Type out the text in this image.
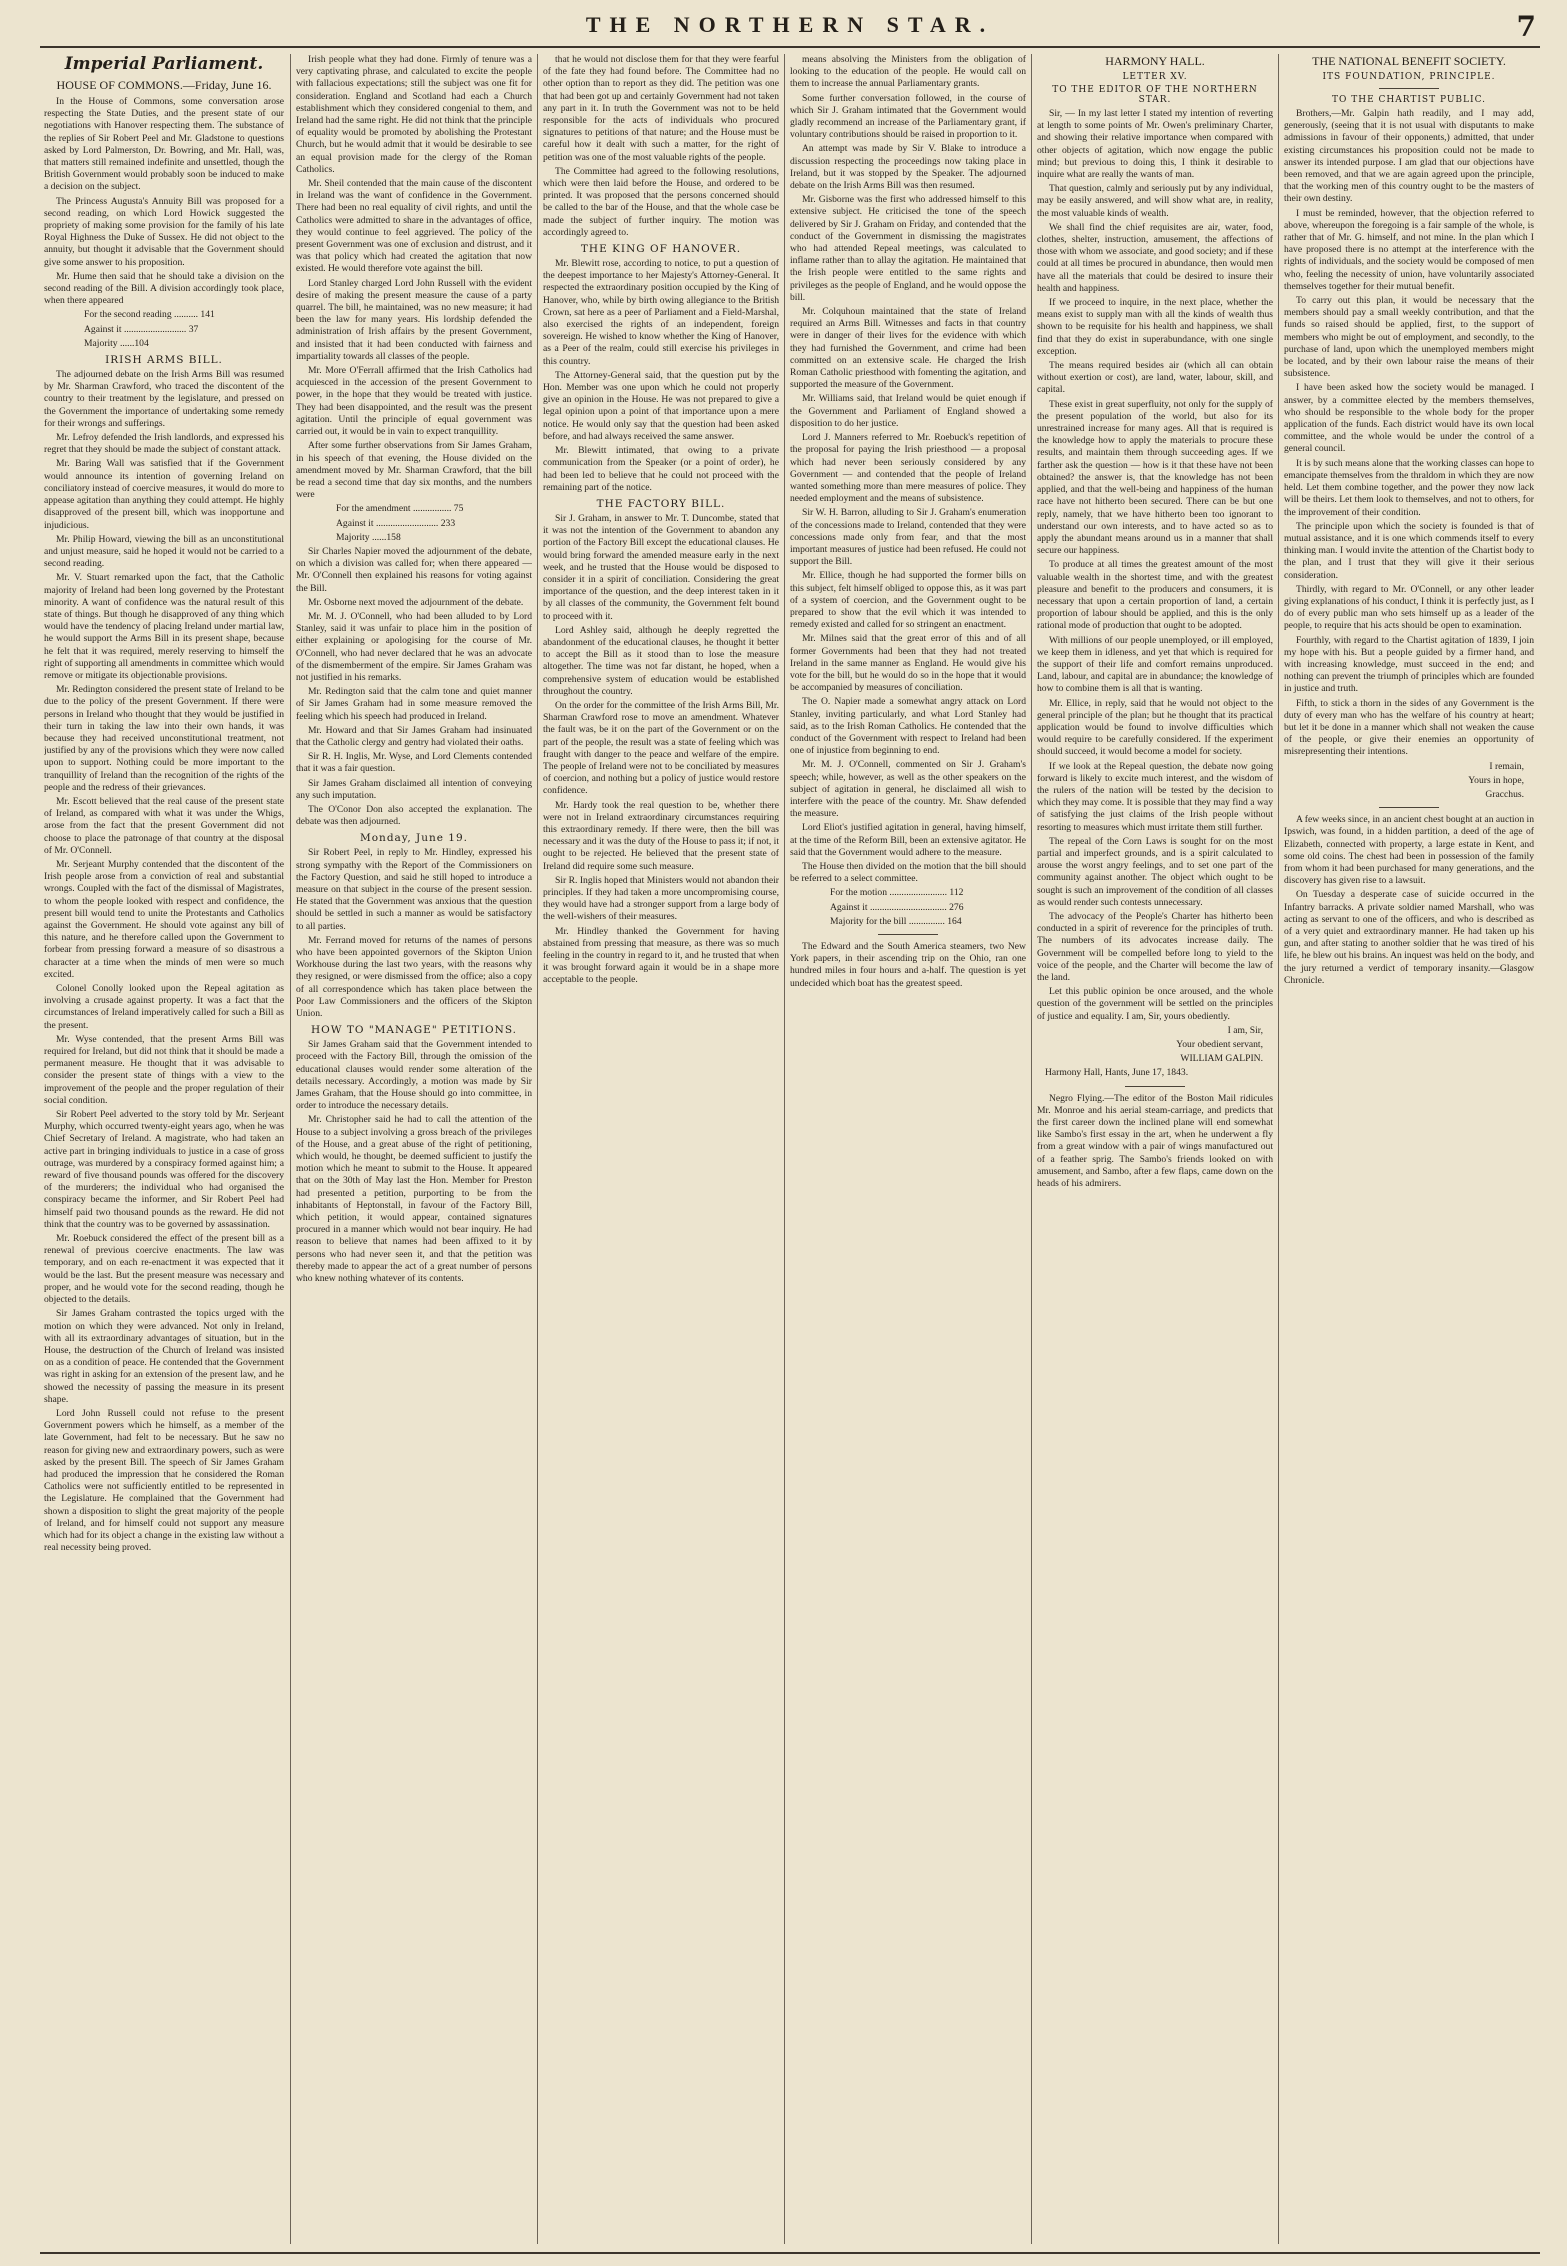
THE NORTHERN STAR.	7
Imperial Parliament.
HOUSE OF COMMONS.—Friday, June 16.

In the House of Commons, some conversation arose respecting the State Duties, and the present state of our negotiations with Hanover respecting them. The substance of the replies of Sir Robert Peel and Mr. Gladstone to questions asked by Lord Palmerston, Dr. Bowring, and Mr. Hall, was, that matters still remained indefinite and unsettled, though the British Government would probably soon be induced to make a decision on the subject.

The Princess Augusta's Annuity Bill was proposed for a second reading, on which Lord Howick suggested the propriety of making some provision for the family of his late Royal Highness the Duke of Sussex. He did not object to the annuity, but thought it advisable that the Government should give some answer to his proposition.

Mr. Hume then said that he should take a division on the second reading of the Bill. A division accordingly took place, when there appeared

For the second reading .......... 141
Against it .......................... 37
Majority ......104
IRISH ARMS BILL.

The adjourned debate on the Irish Arms Bill was resumed by Mr. Sharman Crawford, who traced the discontent of the country to their treatment by the legislature, and pressed on the Government the importance of undertaking some remedy for their wrongs and sufferings.

Mr. Lefroy defended the Irish landlords, and expressed his regret that they should be made the subject of constant attack.

Mr. Baring Wall was satisfied that if the Government would announce its intention of governing Ireland on conciliatory instead of coercive measures, it would do more to appease agitation than anything they could attempt. He highly disapproved of the present bill, which was inopportune and injudicious.

Mr. Philip Howard, viewing the bill as an unconstitutional and unjust measure, said he hoped it would not be carried to a second reading.

Mr. V. Stuart remarked upon the fact, that the Catholic majority of Ireland had been long governed by the Protestant minority. A want of confidence was the natural result of this state of things. But though he disapproved of any thing which would have the tendency of placing Ireland under martial law, he would support the Arms Bill in its present shape, because he felt that it was required, merely reserving to himself the right of supporting all amendments in committee which would remove or mitigate its objectionable provisions.

Mr. Redington considered the present state of Ireland to be due to the policy of the present Government. If there were persons in Ireland who thought that they would be justified in their turn in taking the law into their own hands, it was because they had received unconstitutional treatment, not justified by any of the provisions which they were now called upon to support. Nothing could be more important to the tranquillity of Ireland than the recognition of the rights of the people and the redress of their grievances.

Mr. Escott believed that the real cause of the present state of Ireland, as compared with what it was under the Whigs, arose from the fact that the present Government did not choose to place the patronage of that country at the disposal of Mr. O'Connell.

Mr. Serjeant Murphy contended that the discontent of the Irish people arose from a conviction of real and substantial wrongs. Coupled with the fact of the dismissal of Magistrates, to whom the people looked with respect and confidence, the present bill would tend to unite the Protestants and Catholics against the Government. He should vote against any bill of this nature, and he therefore called upon the Government to forbear from pressing forward a measure of so disastrous a character at a time when the minds of men were so much excited.

Colonel Conolly looked upon the Repeal agitation as involving a crusade against property. It was a fact that the circumstances of Ireland imperatively called for such a Bill as the present.

Mr. Wyse contended, that the present Arms Bill was required for Ireland, but did not think that it should be made a permanent measure. He thought that it was advisable to consider the present state of things with a view to the improvement of the people and the proper regulation of their social condition.

Sir Robert Peel adverted to the story told by Mr. Serjeant Murphy, which occurred twenty-eight years ago, when he was Chief Secretary of Ireland. A magistrate, who had taken an active part in bringing individuals to justice in a case of gross outrage, was murdered by a conspiracy formed against him; a reward of five thousand pounds was offered for the discovery of the murderers; the individual who had organised the conspiracy became the informer, and Sir Robert Peel had himself paid two thousand pounds as the reward. He did not think that the country was to be governed by assassination.

Mr. Roebuck considered the effect of the present bill as a renewal of previous coercive enactments. The law was temporary, and on each re-enactment it was expected that it would be the last. But the present measure was necessary and proper, and he would vote for the second reading, though he objected to the details.

Sir James Graham contrasted the topics urged with the motion on which they were advanced. Not only in Ireland, with all its extraordinary advantages of situation, but in the House, the destruction of the Church of Ireland was insisted on as a condition of peace. He contended that the Government was right in asking for an extension of the present law, and he showed the necessity of passing the measure in its present shape.

Lord John Russell could not refuse to the present Government powers which he himself, as a member of the late Government, had felt to be necessary. But he saw no reason for giving new and extraordinary powers, such as were asked by the present Bill. The speech of Sir James Graham had produced the impression that he considered the Roman Catholics were not sufficiently entitled to be represented in the Legislature. He complained that the Government had shown a disposition to slight the great majority of the people of Ireland, and for himself could not support any measure which had for its object a change in the existing law without a real necessity being proved.

Irish people what they had done. Firmly of tenure was a very captivating phrase, and calculated to excite the people with fallacious expectations; still the subject was one fit for consideration. England and Scotland had each a Church establishment which they considered congenial to them, and Ireland had the same right. He did not think that the principle of equality would be promoted by abolishing the Protestant Church, but he would admit that it would be desirable to see an equal provision made for the clergy of the Roman Catholics.

Mr. Sheil contended that the main cause of the discontent in Ireland was the want of confidence in the Government. There had been no real equality of civil rights, and until the Catholics were admitted to share in the advantages of office, they would continue to feel aggrieved. The policy of the present Government was one of exclusion and distrust, and it was that policy which had created the agitation that now existed. He would therefore vote against the bill.

Lord Stanley charged Lord John Russell with the evident desire of making the present measure the cause of a party quarrel. The bill, he maintained, was no new measure; it had been the law for many years. His lordship defended the administration of Irish affairs by the present Government, and insisted that it had been conducted with fairness and impartiality towards all classes of the people.

Mr. More O'Ferrall affirmed that the Irish Catholics had acquiesced in the accession of the present Government to power, in the hope that they would be treated with justice. They had been disappointed, and the result was the present agitation. Until the principle of equal government was carried out, it would be in vain to expect tranquillity.

After some further observations from Sir James Graham, in his speech of that evening, the House divided on the amendment moved by Mr. Sharman Crawford, that the bill be read a second time that day six months, and the numbers were

For the amendment ................ 75
Against it .......................... 233
Majority ......158

Sir Charles Napier moved the adjournment of the debate, on which a division was called for; when there appeared — Mr. O'Connell then explained his reasons for voting against the Bill.

Mr. Osborne next moved the adjournment of the debate.

Mr. M. J. O'Connell, who had been alluded to by Lord Stanley, said it was unfair to place him in the position of either explaining or apologising for the course of Mr. O'Connell, who had never declared that he was an advocate of the dismemberment of the empire. Sir James Graham was not justified in his remarks.

Mr. Redington said that the calm tone and quiet manner of Sir James Graham had in some measure removed the feeling which his speech had produced in Ireland.

Mr. Howard and that Sir James Graham had insinuated that the Catholic clergy and gentry had violated their oaths.

Sir R. H. Inglis, Mr. Wyse, and Lord Clements contended that it was a fair question.

Sir James Graham disclaimed all intention of conveying any such imputation.

The O'Conor Don also accepted the explanation. The debate was then adjourned.

Monday, June 19.

Sir Robert Peel, in reply to Mr. Hindley, expressed his strong sympathy with the Report of the Commissioners on the Factory Question, and said he still hoped to introduce a measure on that subject in the course of the present session. He stated that the Government was anxious that the question should be settled in such a manner as would be satisfactory to all parties.

Mr. Ferrand moved for returns of the names of persons who have been appointed governors of the Skipton Union Workhouse during the last two years, with the reasons why they resigned, or were dismissed from the office; also a copy of all correspondence which has taken place between the Poor Law Commissioners and the officers of the Skipton Union.

HOW TO "MANAGE" PETITIONS.

Sir James Graham said that the Government intended to proceed with the Factory Bill, through the omission of the educational clauses would render some alteration of the details necessary. Accordingly, a motion was made by Sir James Graham, that the House should go into committee, in order to introduce the necessary details.

Mr. Christopher said he had to call the attention of the House to a subject involving a gross breach of the privileges of the House, and a great abuse of the right of petitioning, which would, he thought, be deemed sufficient to justify the motion which he meant to submit to the House. It appeared that on the 30th of May last the Hon. Member for Preston had presented a petition, purporting to be from the inhabitants of Heptonstall, in favour of the Factory Bill, which petition, it would appear, contained signatures procured in a manner which would not bear inquiry. He had reason to believe that names had been affixed to it by persons who had never seen it, and that the petition was thereby made to appear the act of a great number of persons who knew nothing whatever of its contents.

that he would not disclose them for that they were fearful of the fate they had found before. The Committee had no other option than to report as they did. The petition was one that had been got up and certainly Government had not taken any part in it. In truth the Government was not to be held responsible for the acts of individuals who procured signatures to petitions of that nature; and the House must be careful how it dealt with such a matter, for the right of petition was one of the most valuable rights of the people.

The Committee had agreed to the following resolutions, which were then laid before the House, and ordered to be printed. It was proposed that the persons concerned should be called to the bar of the House, and that the whole case be made the subject of further inquiry. The motion was accordingly agreed to.

THE KING OF HANOVER.

Mr. Blewitt rose, according to notice, to put a question of the deepest importance to her Majesty's Attorney-General. It respected the extraordinary position occupied by the King of Hanover, who, while by birth owing allegiance to the British Crown, sat here as a peer of Parliament and a Field-Marshal, also exercised the rights of an independent, foreign sovereign. He wished to know whether the King of Hanover, as a Peer of the realm, could still exercise his privileges in this country.

The Attorney-General said, that the question put by the Hon. Member was one upon which he could not properly give an opinion in the House. He was not prepared to give a legal opinion upon a point of that importance upon a mere notice. He would only say that the question had been asked before, and had always received the same answer.

Mr. Blewitt intimated, that owing to a private communication from the Speaker (or a point of order), he had been led to believe that he could not proceed with the remaining part of the notice.

THE FACTORY BILL.

Sir J. Graham, in answer to Mr. T. Duncombe, stated that it was not the intention of the Government to abandon any portion of the Factory Bill except the educational clauses. He would bring forward the amended measure early in the next week, and he trusted that the House would be disposed to consider it in a spirit of conciliation. Considering the great importance of the question, and the deep interest taken in it by all classes of the community, the Government felt bound to proceed with it.

Lord Ashley said, although he deeply regretted the abandonment of the educational clauses, he thought it better to accept the Bill as it stood than to lose the measure altogether. The time was not far distant, he hoped, when a comprehensive system of education would be established throughout the country.

On the order for the committee of the Irish Arms Bill, Mr. Sharman Crawford rose to move an amendment. Whatever the fault was, be it on the part of the Government or on the part of the people, the result was a state of feeling which was fraught with danger to the peace and welfare of the empire. The people of Ireland were not to be conciliated by measures of coercion, and nothing but a policy of justice would restore confidence.

Mr. Hardy took the real question to be, whether there were not in Ireland extraordinary circumstances requiring this extraordinary remedy. If there were, then the bill was necessary and it was the duty of the House to pass it; if not, it ought to be rejected. He believed that the present state of Ireland did require some such measure.

Sir R. Inglis hoped that Ministers would not abandon their principles. If they had taken a more uncompromising course, they would have had a stronger support from a large body of the well-wishers of their measures.

Mr. Hindley thanked the Government for having abstained from pressing that measure, as there was so much feeling in the country in regard to it, and he trusted that when it was brought forward again it would be in a shape more acceptable to the people.

means absolving the Ministers from the obligation of looking to the education of the people. He would call on them to increase the annual Parliamentary grants.

Some further conversation followed, in the course of which Sir J. Graham intimated that the Government would gladly recommend an increase of the Parliamentary grant, if voluntary contributions should be raised in proportion to it.

An attempt was made by Sir V. Blake to introduce a discussion respecting the proceedings now taking place in Ireland, but it was stopped by the Speaker. The adjourned debate on the Irish Arms Bill was then resumed.

Mr. Gisborne was the first who addressed himself to this extensive subject. He criticised the tone of the speech delivered by Sir J. Graham on Friday, and contended that the conduct of the Government in dismissing the magistrates who had attended Repeal meetings, was calculated to inflame rather than to allay the agitation. He maintained that the Irish people were entitled to the same rights and privileges as the people of England, and he would oppose the bill.

Mr. Colquhoun maintained that the state of Ireland required an Arms Bill. Witnesses and facts in that country were in danger of their lives for the evidence with which they had furnished the Government, and crime had been committed on an extensive scale. He charged the Irish Roman Catholic priesthood with fomenting the agitation, and supported the measure of the Government.

Mr. Williams said, that Ireland would be quiet enough if the Government and Parliament of England showed a disposition to do her justice.

Lord J. Manners referred to Mr. Roebuck's repetition of the proposal for paying the Irish priesthood — a proposal which had never been seriously considered by any Government — and contended that the people of Ireland wanted something more than mere measures of police. They needed employment and the means of subsistence.

Sir W. H. Barron, alluding to Sir J. Graham's enumeration of the concessions made to Ireland, contended that they were concessions made only from fear, and that the most important measures of justice had been refused. He could not support the Bill.

Mr. Ellice, though he had supported the former bills on this subject, felt himself obliged to oppose this, as it was part of a system of coercion, and the Government ought to be prepared to show that the evil which it was intended to remedy existed and called for so stringent an enactment.

Mr. Milnes said that the great error of this and of all former Governments had been that they had not treated Ireland in the same manner as England. He would give his vote for the bill, but he would do so in the hope that it would be accompanied by measures of conciliation.

The O. Napier made a somewhat angry attack on Lord Stanley, inviting particularly, and what Lord Stanley had said, as to the Irish Roman Catholics. He contended that the conduct of the Government with respect to Ireland had been one of injustice from beginning to end.

Mr. M. J. O'Connell, commented on Sir J. Graham's speech; while, however, as well as the other speakers on the subject of agitation in general, he disclaimed all wish to interfere with the peace of the country. Mr. Shaw defended the measure.

Lord Eliot's justified agitation in general, having himself, at the time of the Reform Bill, been an extensive agitator. He said that the Government would adhere to the measure.

The House then divided on the motion that the bill should be referred to a select committee.

For the motion ........................ 112
Against it ................................ 276
Majority for the bill ............... 164

The Edward and the South America steamers, two New York papers, in their ascending trip on the Ohio, ran one hundred miles in four hours and a-half. The question is yet undecided which boat has the greatest speed.

HARMONY HALL.
LETTER XV.
TO THE EDITOR OF THE NORTHERN STAR.

Sir, — In my last letter I stated my intention of reverting at length to some points of Mr. Owen's preliminary Charter, and showing their relative importance when compared with other objects of agitation, which now engage the public mind; but previous to doing this, I think it desirable to inquire what are really the wants of man.

That question, calmly and seriously put by any individual, may be easily answered, and will show what are, in reality, the most valuable kinds of wealth.

We shall find the chief requisites are air, water, food, clothes, shelter, instruction, amusement, the affections of those with whom we associate, and good society; and if these could at all times be procured in abundance, then would men have all the materials that could be desired to insure their health and happiness.

If we proceed to inquire, in the next place, whether the means exist to supply man with all the kinds of wealth thus shown to be requisite for his health and happiness, we shall find that they do exist in superabundance, with one single exception.

The means required besides air (which all can obtain without exertion or cost), are land, water, labour, skill, and capital.

These exist in great superfluity, not only for the supply of the present population of the world, but also for its unrestrained increase for many ages. All that is required is the knowledge how to apply the materials to procure these results, and maintain them through succeeding ages. If we farther ask the question — how is it that these have not been obtained? the answer is, that the knowledge has not been applied, and that the well-being and happiness of the human race have not hitherto been secured. There can be but one reply, namely, that we have hitherto been too ignorant to understand our own interests, and to have acted so as to apply the abundant means around us in a manner that shall secure our happiness.

To produce at all times the greatest amount of the most valuable wealth in the shortest time, and with the greatest pleasure and benefit to the producers and consumers, it is necessary that upon a certain proportion of land, a certain proportion of labour should be applied, and this is the only rational mode of production that ought to be adopted.

With millions of our people unemployed, or ill employed, we keep them in idleness, and yet that which is required for the support of their life and comfort remains unproduced. Land, labour, and capital are in abundance; the knowledge of how to combine them is all that is wanting.

Mr. Ellice, in reply, said that he would not object to the general principle of the plan; but he thought that its practical application would be found to involve difficulties which would require to be carefully considered. If the experiment should succeed, it would become a model for society.

If we look at the Repeal question, the debate now going forward is likely to excite much interest, and the wisdom of the rulers of the nation will be tested by the decision to which they may come. It is possible that they may find a way of satisfying the just claims of the Irish people without resorting to measures which must irritate them still further.

The repeal of the Corn Laws is sought for on the most partial and imperfect grounds, and is a spirit calculated to arouse the worst angry feelings, and to set one part of the community against another. The object which ought to be sought is such an improvement of the condition of all classes as would render such contests unnecessary.

The advocacy of the People's Charter has hitherto been conducted in a spirit of reverence for the principles of truth. The numbers of its advocates increase daily. The Government will be compelled before long to yield to the voice of the people, and the Charter will become the law of the land.

Let this public opinion be once aroused, and the whole question of the government will be settled on the principles of justice and equality. I am, Sir, yours obediently.

I am, Sir,
Your obedient servant,
WILLIAM GALPIN.
Harmony Hall, Hants, June 17, 1843.

Negro Flying.—The editor of the Boston Mail ridicules Mr. Monroe and his aerial steam-carriage, and predicts that the first career down the inclined plane will end somewhat like Sambo's first essay in the art, when he underwent a fly from a great window with a pair of wings manufactured out of a feather sprig. The Sambo's friends looked on with amusement, and Sambo, after a few flaps, came down on the heads of his admirers.

THE NATIONAL BENEFIT SOCIETY.
ITS FOUNDATION, PRINCIPLE.
TO THE CHARTIST PUBLIC.

Brothers,—Mr. Galpin hath readily, and I may add, generously, (seeing that it is not usual with disputants to make admissions in favour of their opponents,) admitted, that under existing circumstances his proposition could not be made to answer its intended purpose. I am glad that our objections have been removed, and that we are again agreed upon the principle, that the working men of this country ought to be the masters of their own destiny.

I must be reminded, however, that the objection referred to above, whereupon the foregoing is a fair sample of the whole, is rather that of Mr. G. himself, and not mine. In the plan which I have proposed there is no attempt at the interference with the rights of individuals, and the society would be composed of men who, feeling the necessity of union, have voluntarily associated themselves together for their mutual benefit.

To carry out this plan, it would be necessary that the members should pay a small weekly contribution, and that the funds so raised should be applied, first, to the support of members who might be out of employment, and secondly, to the purchase of land, upon which the unemployed members might be located, and by their own labour raise the means of their subsistence.

I have been asked how the society would be managed. I answer, by a committee elected by the members themselves, who should be responsible to the whole body for the proper application of the funds. Each district would have its own local committee, and the whole would be under the control of a general council.

It is by such means alone that the working classes can hope to emancipate themselves from the thraldom in which they are now held. Let them combine together, and the power they now lack will be theirs. Let them look to themselves, and not to others, for the improvement of their condition.

The principle upon which the society is founded is that of mutual assistance, and it is one which commends itself to every thinking man. I would invite the attention of the Chartist body to the plan, and I trust that they will give it their serious consideration.

Thirdly, with regard to Mr. O'Connell, or any other leader giving explanations of his conduct, I think it is perfectly just, as I do of every public man who sets himself up as a leader of the people, to require that his acts should be open to examination.

Fourthly, with regard to the Chartist agitation of 1839, I join my hope with his. But a people guided by a firmer hand, and with increasing knowledge, must succeed in the end; and nothing can prevent the triumph of principles which are founded in justice and truth.

Fifth, to stick a thorn in the sides of any Government is the duty of every man who has the welfare of his country at heart; but let it be done in a manner which shall not weaken the cause of the people, or give their enemies an opportunity of misrepresenting their intentions.

I remain,
Yours in hope,
Gracchus.

A few weeks since, in an ancient chest bought at an auction in Ipswich, was found, in a hidden partition, a deed of the age of Elizabeth, connected with property, a large estate in Kent, and some old coins. The chest had been in possession of the family from whom it had been purchased for many generations, and the discovery has given rise to a lawsuit.

On Tuesday a desperate case of suicide occurred in the Infantry barracks. A private soldier named Marshall, who was acting as servant to one of the officers, and who is described as of a very quiet and extraordinary manner. He had taken up his gun, and after stating to another soldier that he was tired of his life, he blew out his brains. An inquest was held on the body, and the jury returned a verdict of temporary insanity.—Glasgow Chronicle.
